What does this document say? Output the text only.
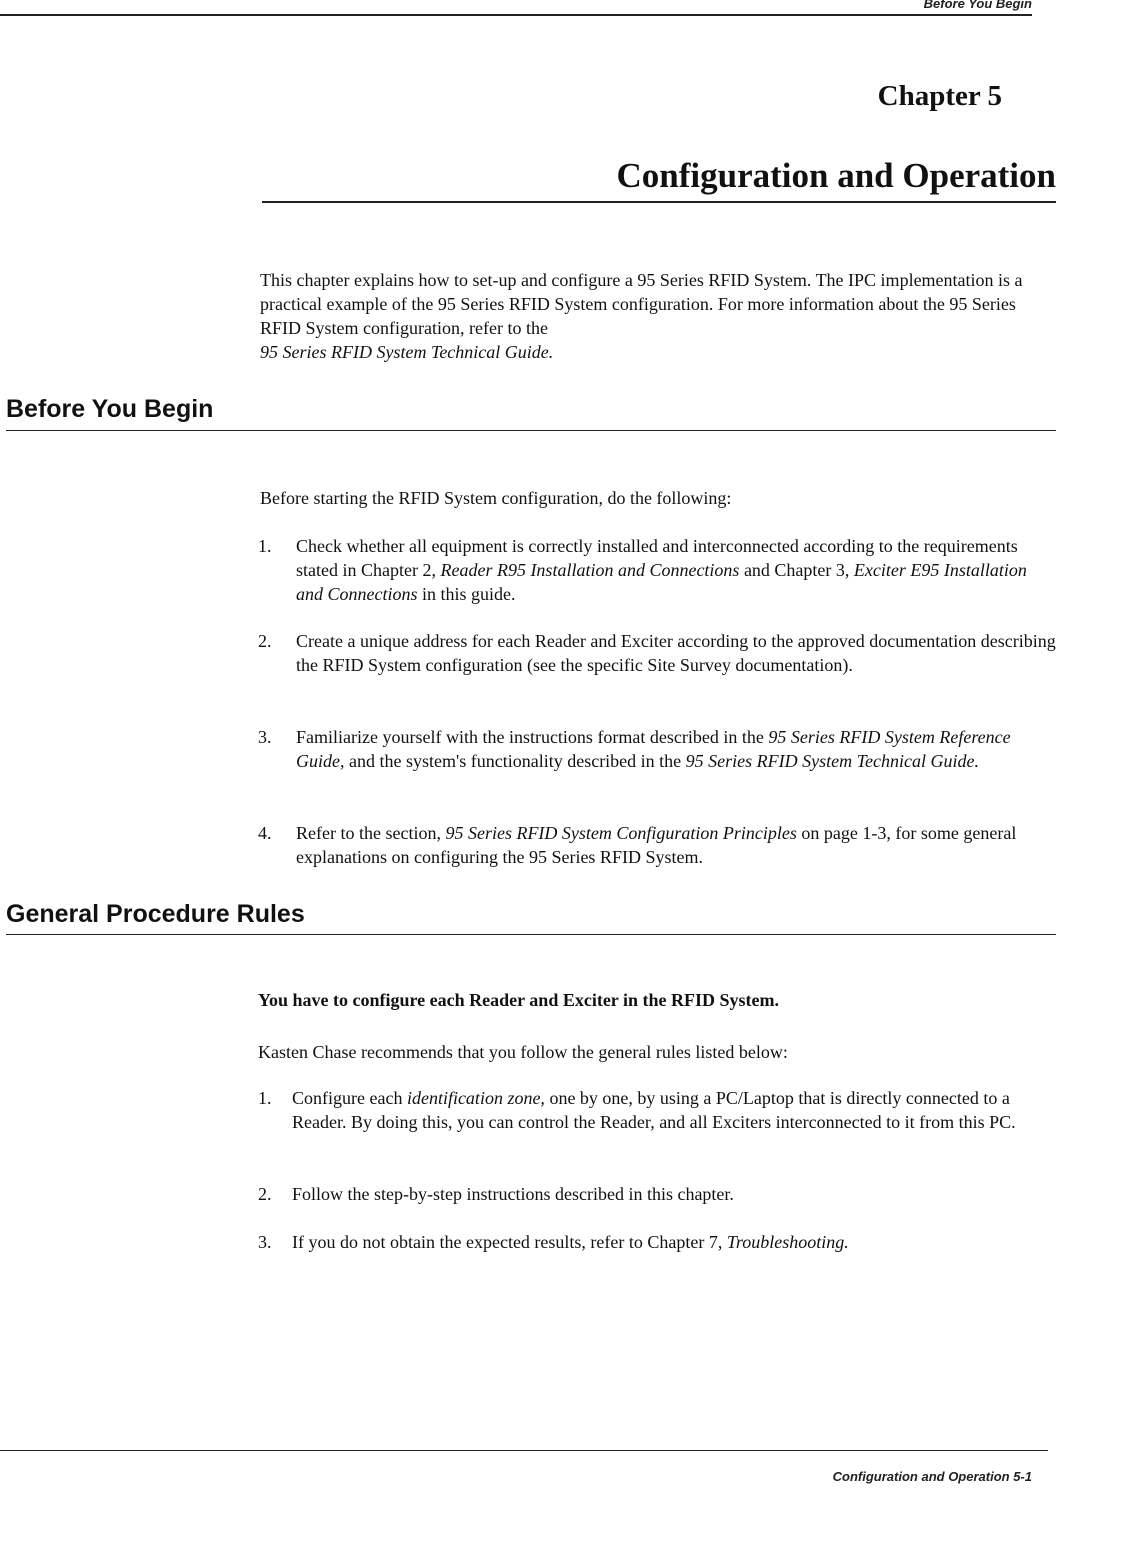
Before You Begin
Chapter 5
Configuration and Operation
This chapter explains how to set-up and configure a 95 Series RFID System. The IPC implementation is a practical example of the 95 Series RFID System configuration. For more information about the 95 Series RFID System configuration, refer to the
95 Series RFID System Technical Guide.
Before You Begin
Before starting the RFID System configuration, do the following:
1.	Check whether all equipment is correctly installed and interconnected according to the requirements stated in Chapter 2, Reader R95 Installation and Connections and Chapter 3, Exciter E95 Installation and Connections in this guide.
2.	Create a unique address for each Reader and Exciter according to the approved documentation describing the RFID System configuration (see the specific Site Survey documentation).
3.	Familiarize yourself with the instructions format described in the 95 Series RFID System Reference Guide, and the system's functionality described in the 95 Series RFID System Technical Guide.
4.	Refer to the section, 95 Series RFID System Configuration Principles on page 1-3, for some general explanations on configuring the 95 Series RFID System.
General Procedure Rules
You have to configure each Reader and Exciter in the RFID System.
Kasten Chase recommends that you follow the general rules listed below:
1.	Configure each identification zone, one by one, by using a PC/Laptop that is directly connected to a Reader. By doing this, you can control the Reader, and all Exciters interconnected to it from this PC.
2.	Follow the step-by-step instructions described in this chapter.
3.	If you do not obtain the expected results, refer to Chapter 7, Troubleshooting.
Configuration and Operation 5-1
